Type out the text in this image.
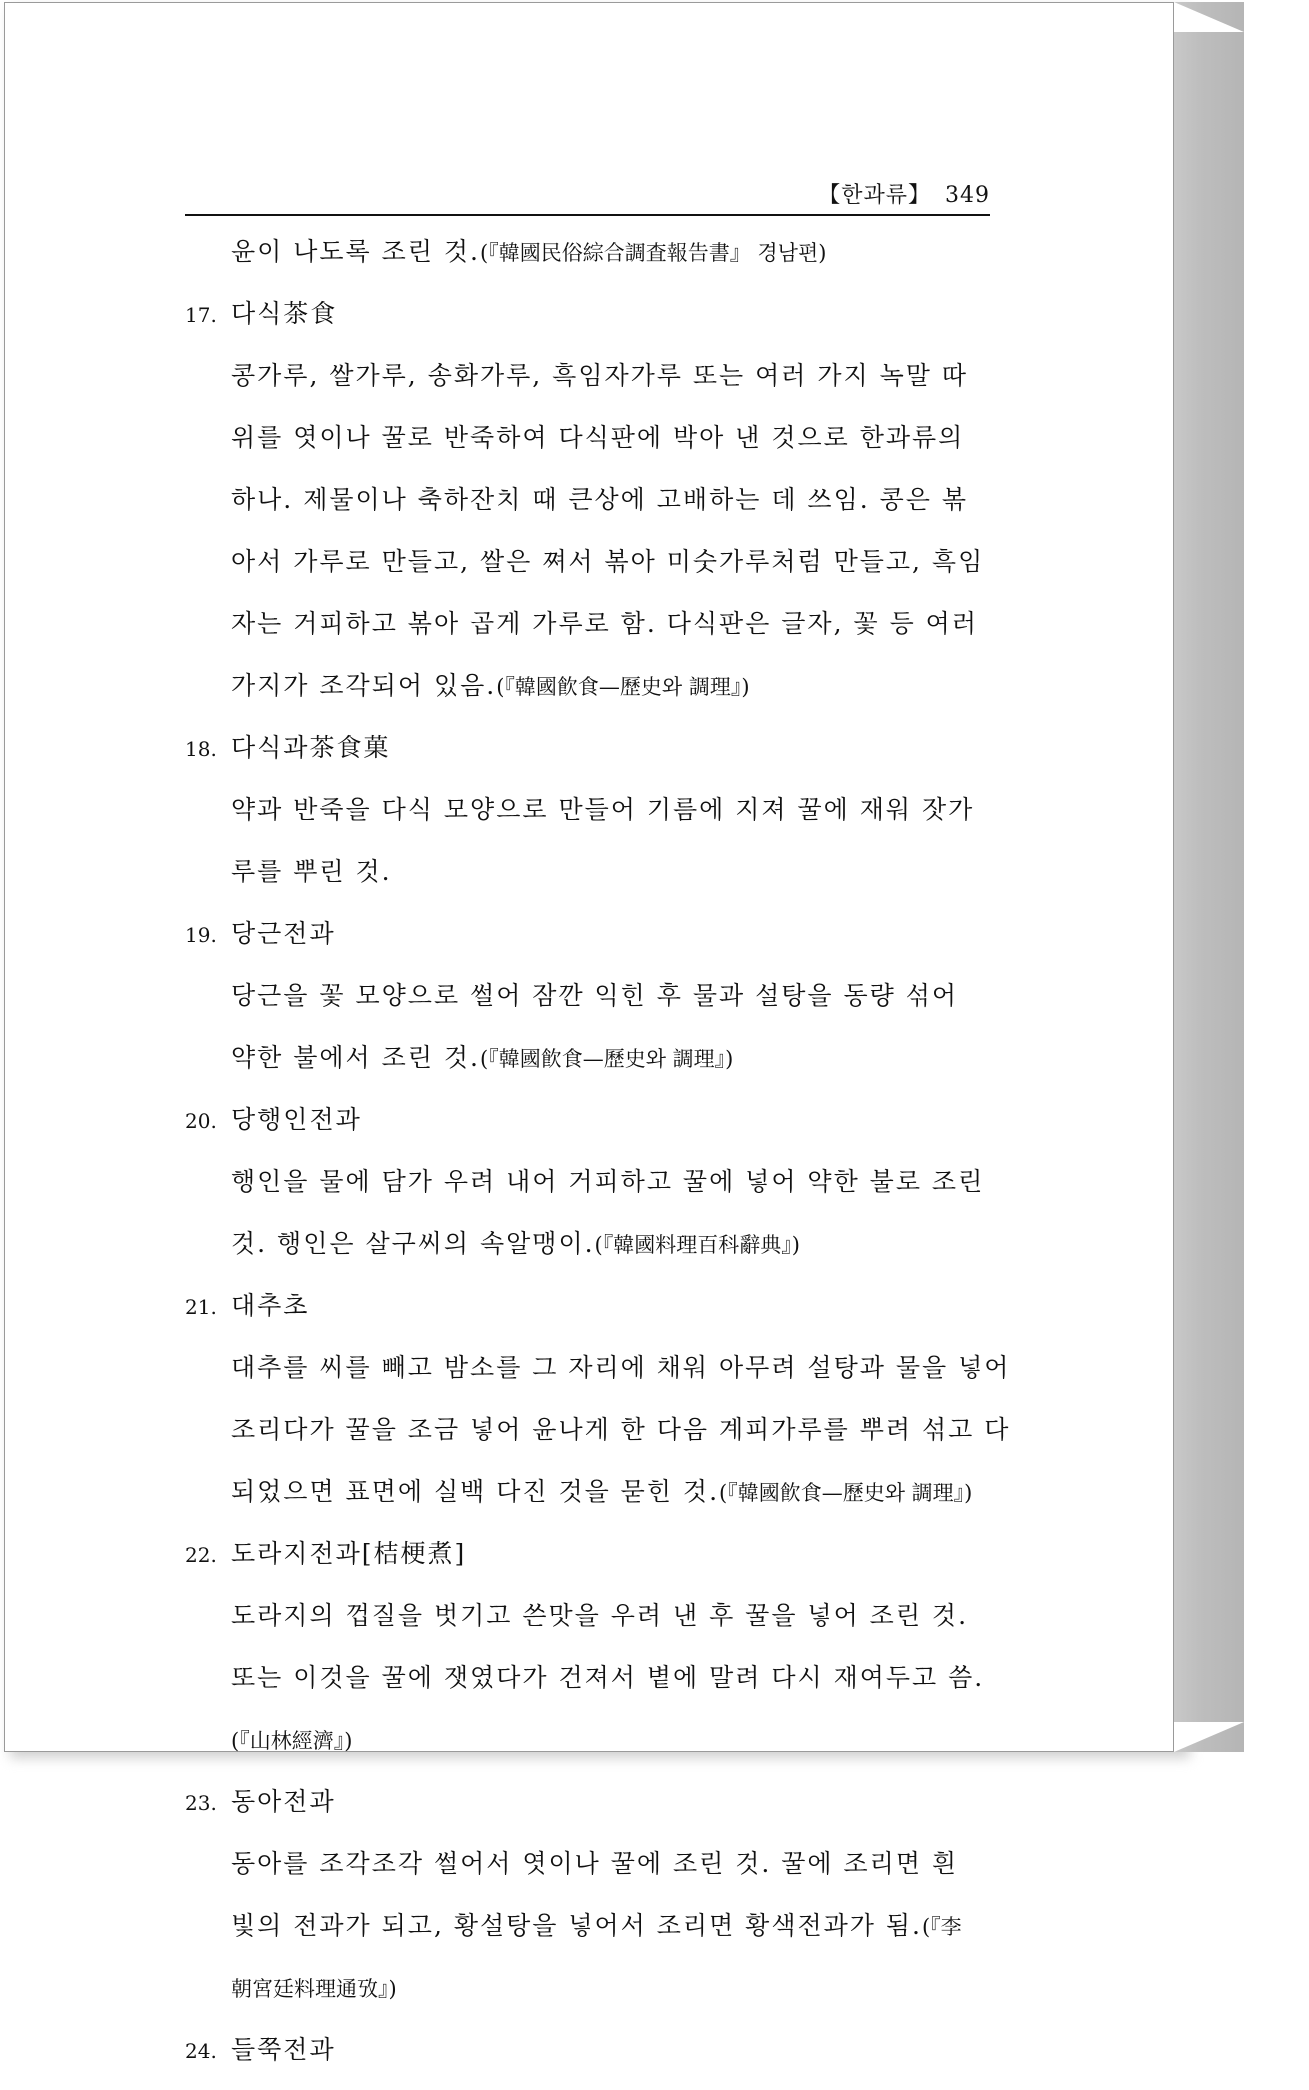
【한과류】 349
윤이 나도록 조린 것.(『韓國民俗綜合調査報告書』 경남편)
17. 다식茶食
콩가루, 쌀가루, 송화가루, 흑임자가루 또는 여러 가지 녹말 따
위를 엿이나 꿀로 반죽하여 다식판에 박아 낸 것으로 한과류의
하나. 제물이나 축하잔치 때 큰상에 고배하는 데 쓰임. 콩은 볶
아서 가루로 만들고, 쌀은 쪄서 볶아 미숫가루처럼 만들고, 흑임
자는 거피하고 볶아 곱게 가루로 함. 다식판은 글자, 꽃 등 여러
가지가 조각되어 있음.(『韓國飮食—歷史와 調理』)
18. 다식과茶食菓
약과 반죽을 다식 모양으로 만들어 기름에 지져 꿀에 재워 잣가
루를 뿌린 것.
19. 당근전과
당근을 꽃 모양으로 썰어 잠깐 익힌 후 물과 설탕을 동량 섞어
약한 불에서 조린 것.(『韓國飮食—歷史와 調理』)
20. 당행인전과
행인을 물에 담가 우려 내어 거피하고 꿀에 넣어 약한 불로 조린
것. 행인은 살구씨의 속알맹이.(『韓國料理百科辭典』)
21. 대추초
대추를 씨를 빼고 밤소를 그 자리에 채워 아무려 설탕과 물을 넣어
조리다가 꿀을 조금 넣어 윤나게 한 다음 계피가루를 뿌려 섞고 다
되었으면 표면에 실백 다진 것을 묻힌 것.(『韓國飮食—歷史와 調理』)
22. 도라지전과[桔梗煮]
도라지의 껍질을 벗기고 쓴맛을 우려 낸 후 꿀을 넣어 조린 것.
또는 이것을 꿀에 잿였다가 건져서 볕에 말려 다시 재여두고 씀.
(『山林經濟』)
23. 동아전과
동아를 조각조각 썰어서 엿이나 꿀에 조린 것. 꿀에 조리면 흰
빛의 전과가 되고, 황설탕을 넣어서 조리면 황색전과가 됨.(『李
朝宮廷料理通攷』)
24. 들쭉전과
